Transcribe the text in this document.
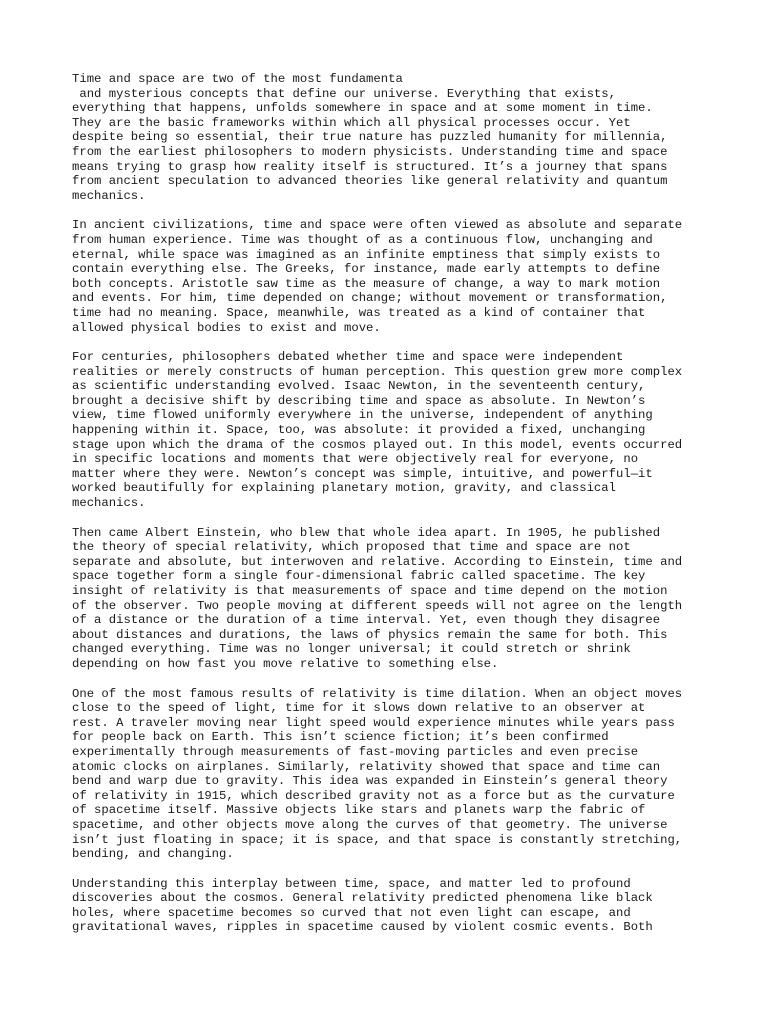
Time and space are two of the most fundamenta
and mysterious concepts that define our universe. Everything that exists,
everything that happens, unfolds somewhere in space and at some moment in time.
They are the basic frameworks within which all physical processes occur. Yet
despite being so essential, their true nature has puzzled humanity for millennia,
from the earliest philosophers to modern physicists. Understanding time and space
means trying to grasp how reality itself is structured. It’s a journey that spans
from ancient speculation to advanced theories like general relativity and quantum
mechanics.

In ancient civilizations, time and space were often viewed as absolute and separate
from human experience. Time was thought of as a continuous flow, unchanging and
eternal, while space was imagined as an infinite emptiness that simply exists to
contain everything else. The Greeks, for instance, made early attempts to define
both concepts. Aristotle saw time as the measure of change, a way to mark motion
and events. For him, time depended on change; without movement or transformation,
time had no meaning. Space, meanwhile, was treated as a kind of container that
allowed physical bodies to exist and move.

For centuries, philosophers debated whether time and space were independent
realities or merely constructs of human perception. This question grew more complex
as scientific understanding evolved. Isaac Newton, in the seventeenth century,
brought a decisive shift by describing time and space as absolute. In Newton’s
view, time flowed uniformly everywhere in the universe, independent of anything
happening within it. Space, too, was absolute: it provided a fixed, unchanging
stage upon which the drama of the cosmos played out. In this model, events occurred
in specific locations and moments that were objectively real for everyone, no
matter where they were. Newton’s concept was simple, intuitive, and powerful—it
worked beautifully for explaining planetary motion, gravity, and classical
mechanics.

Then came Albert Einstein, who blew that whole idea apart. In 1905, he published
the theory of special relativity, which proposed that time and space are not
separate and absolute, but interwoven and relative. According to Einstein, time and
space together form a single four-dimensional fabric called spacetime. The key
insight of relativity is that measurements of space and time depend on the motion
of the observer. Two people moving at different speeds will not agree on the length
of a distance or the duration of a time interval. Yet, even though they disagree
about distances and durations, the laws of physics remain the same for both. This
changed everything. Time was no longer universal; it could stretch or shrink
depending on how fast you move relative to something else.

One of the most famous results of relativity is time dilation. When an object moves
close to the speed of light, time for it slows down relative to an observer at
rest. A traveler moving near light speed would experience minutes while years pass
for people back on Earth. This isn’t science fiction; it’s been confirmed
experimentally through measurements of fast-moving particles and even precise
atomic clocks on airplanes. Similarly, relativity showed that space and time can
bend and warp due to gravity. This idea was expanded in Einstein’s general theory
of relativity in 1915, which described gravity not as a force but as the curvature
of spacetime itself. Massive objects like stars and planets warp the fabric of
spacetime, and other objects move along the curves of that geometry. The universe
isn’t just floating in space; it is space, and that space is constantly stretching,
bending, and changing.

Understanding this interplay between time, space, and matter led to profound
discoveries about the cosmos. General relativity predicted phenomena like black
holes, where spacetime becomes so curved that not even light can escape, and
gravitational waves, ripples in spacetime caused by violent cosmic events. Both
